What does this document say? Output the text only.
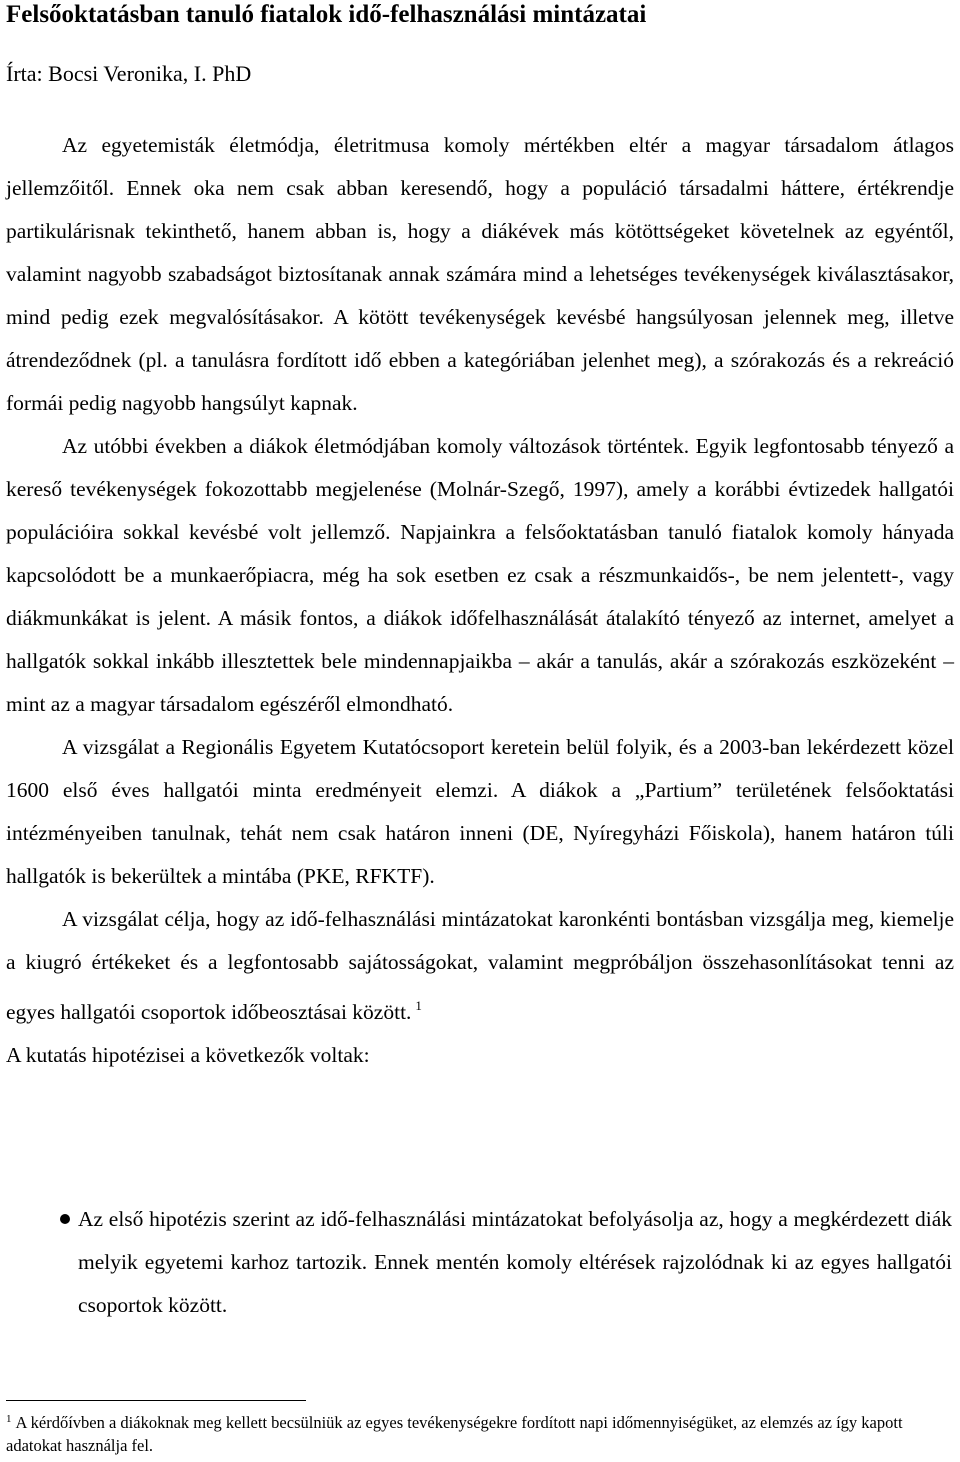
Felsőoktatásban tanuló fiatalok idő-felhasználási mintázatai
Írta: Bocsi Veronika, I. PhD

Az egyetemisták életmódja, életritmusa komoly mértékben eltér a magyar társadalom átlagos jellemzőitől. Ennek oka nem csak abban keresendő, hogy a populáció társadalmi háttere, értékrendje partikulárisnak tekinthető, hanem abban is, hogy a diákévek más kötöttségeket követelnek az egyéntől, valamint nagyobb szabadságot biztosítanak annak számára mind a lehetséges tevékenységek kiválasztásakor, mind pedig ezek megvalósításakor. A kötött tevékenységek kevésbé hangsúlyosan jelennek meg, illetve átrendeződnek (pl. a tanulásra fordított idő ebben a kategóriában jelenhet meg), a szórakozás és a rekreáció formái pedig nagyobb hangsúlyt kapnak.

Az utóbbi években a diákok életmódjában komoly változások történtek. Egyik legfontosabb tényező a kereső tevékenységek fokozottabb megjelenése (Molnár-Szegő, 1997), amely a korábbi évtizedek hallgatói populációira sokkal kevésbé volt jellemző. Napjainkra a felsőoktatásban tanuló fiatalok komoly hányada kapcsolódott be a munkaerőpiacra, még ha sok esetben ez csak a részmunkaidős-, be nem jelentett-, vagy diákmunkákat is jelent. A másik fontos, a diákok időfelhasználását átalakító tényező az internet, amelyet a hallgatók sokkal inkább illesztettek bele mindennapjaikba – akár a tanulás, akár a szórakozás eszközeként – mint az a magyar társadalom egészéről elmondható.

A vizsgálat a Regionális Egyetem Kutatócsoport keretein belül folyik, és a 2003-ban lekérdezett közel 1600 első éves hallgatói minta eredményeit elemzi. A diákok a „Partium” területének felsőoktatási intézményeiben tanulnak, tehát nem csak határon inneni (DE, Nyíregyházi Főiskola), hanem határon túli hallgatók is bekerültek a mintába (PKE, RFKTF).

A vizsgálat célja, hogy az idő-felhasználási mintázatokat karonkénti bontásban vizsgálja meg, kiemelje a kiugró értékeket és a legfontosabb sajátosságokat, valamint megpróbáljon összehasonlításokat tenni az egyes hallgatói csoportok időbeosztásai között. $^1$

A kutatás hipotézisei a következők voltak:

Az első hipotézis szerint az idő-felhasználási mintázatokat befolyásolja az, hogy a megkérdezett diák melyik egyetemi karhoz tartozik. Ennek mentén komoly eltérések rajzolódnak ki az egyes hallgatói csoportok között.
$^1$ A kérdőívben a diákoknak meg kellett becsülniük az egyes tevékenységekre fordított napi időmennyiségüket, az elemzés az így kapott adatokat használja fel.
